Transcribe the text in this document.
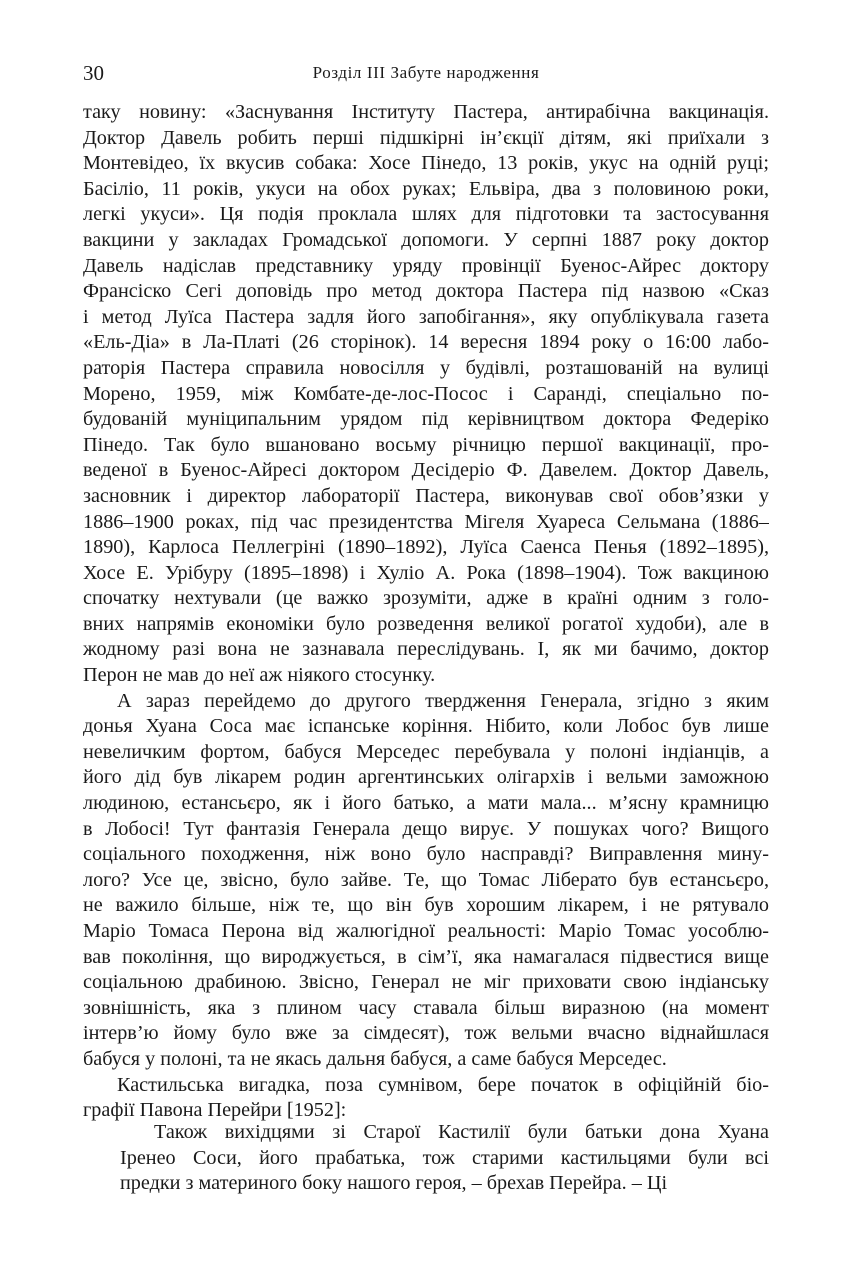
30	Розділ III Забуте народження
таку новину: «Заснування Інституту Пастера, антирабічна вакцинація.
Доктор Давель робить перші підшкірні ін’єкції дітям, які приїхали з
Монтевідео, їх вкусив собака: Хосе Пінедо, 13 років, укус на одній руці;
Басіліо, 11 років, укуси на обох руках; Ельвіра, два з половиною роки,
легкі укуси». Ця подія проклала шлях для підготовки та застосування
вакцини у закладах Громадської допомоги. У серпні 1887 року доктор
Давель надіслав представнику уряду провінції Буенос-Айрес доктору
Франсіско Сегі доповідь про метод доктора Пастера під назвою «Сказ
і метод Луїса Пастера задля його запобігання», яку опублікувала газета
«Ель-Діа» в Ла-Платі (26 сторінок). 14 вересня 1894 року о 16:00 лабо-
раторія Пастера справила новосілля у будівлі, розташованій на вулиці
Морено, 1959, між Комбате-де-лос-Посос і Саранді, спеціально по-
будованій муніципальним урядом під керівництвом доктора Федеріко
Пінедо. Так було вшановано восьму річницю першої вакцинації, про-
веденої в Буенос-Айресі доктором Десідеріо Ф. Давелем. Доктор Давель,
засновник і директор лабораторії Пастера, виконував свої обов’язки у
1886–1900 роках, під час президентства Мігеля Хуареса Сельмана (1886–
1890), Карлоса Пеллегріні (1890–1892), Луїса Саенса Пенья (1892–1895),
Хосе Е. Урібуру (1895–1898) і Хуліо А. Рока (1898–1904). Тож вакциною
спочатку нехтували (це важко зрозуміти, адже в країні одним з голо-
вних напрямів економіки було розведення великої рогатої худоби), але в
жодному разі вона не зазнавала переслідувань. І, як ми бачимо, доктор
Перон не мав до неї аж ніякого стосунку.
А зараз перейдемо до другого твердження Генерала, згідно з яким
донья Хуана Соса має іспанське коріння. Нібито, коли Лобос був лише
невеличким фортом, бабуся Мерседес перебувала у полоні індіанців, а
його дід був лікарем родин аргентинських олігархів і вельми заможною
людиною, естансьєро, як і його батько, а мати мала... м’ясну крамницю
в Лобосі! Тут фантазія Генерала дещо вирує. У пошуках чого? Вищого
соціального походження, ніж воно було насправді? Виправлення мину-
лого? Усе це, звісно, було зайве. Те, що Томас Ліберато був естансьєро,
не важило більше, ніж те, що він був хорошим лікарем, і не рятувало
Маріо Томаса Перона від жалюгідної реальності: Маріо Томас уособлю-
вав покоління, що вироджується, в сім’ї, яка намагалася підвестися вище
соціальною драбиною. Звісно, Генерал не міг приховати свою індіанську
зовнішність, яка з плином часу ставала більш виразною (на момент
інтерв’ю йому було вже за сімдесят), тож вельми вчасно віднайшлася
бабуся у полоні, та не якась дальня бабуся, а саме бабуся Мерседес.
Кастильська вигадка, поза сумнівом, бере початок в офіційній біо-
графії Павона Перейри [1952]:
Також вихідцями зі Старої Кастилії були батьки дона Хуана
Іренео Соси, його прабатька, тож старими кастильцями були всі
предки з материного боку нашого героя, – брехав Перейра. – Ці
